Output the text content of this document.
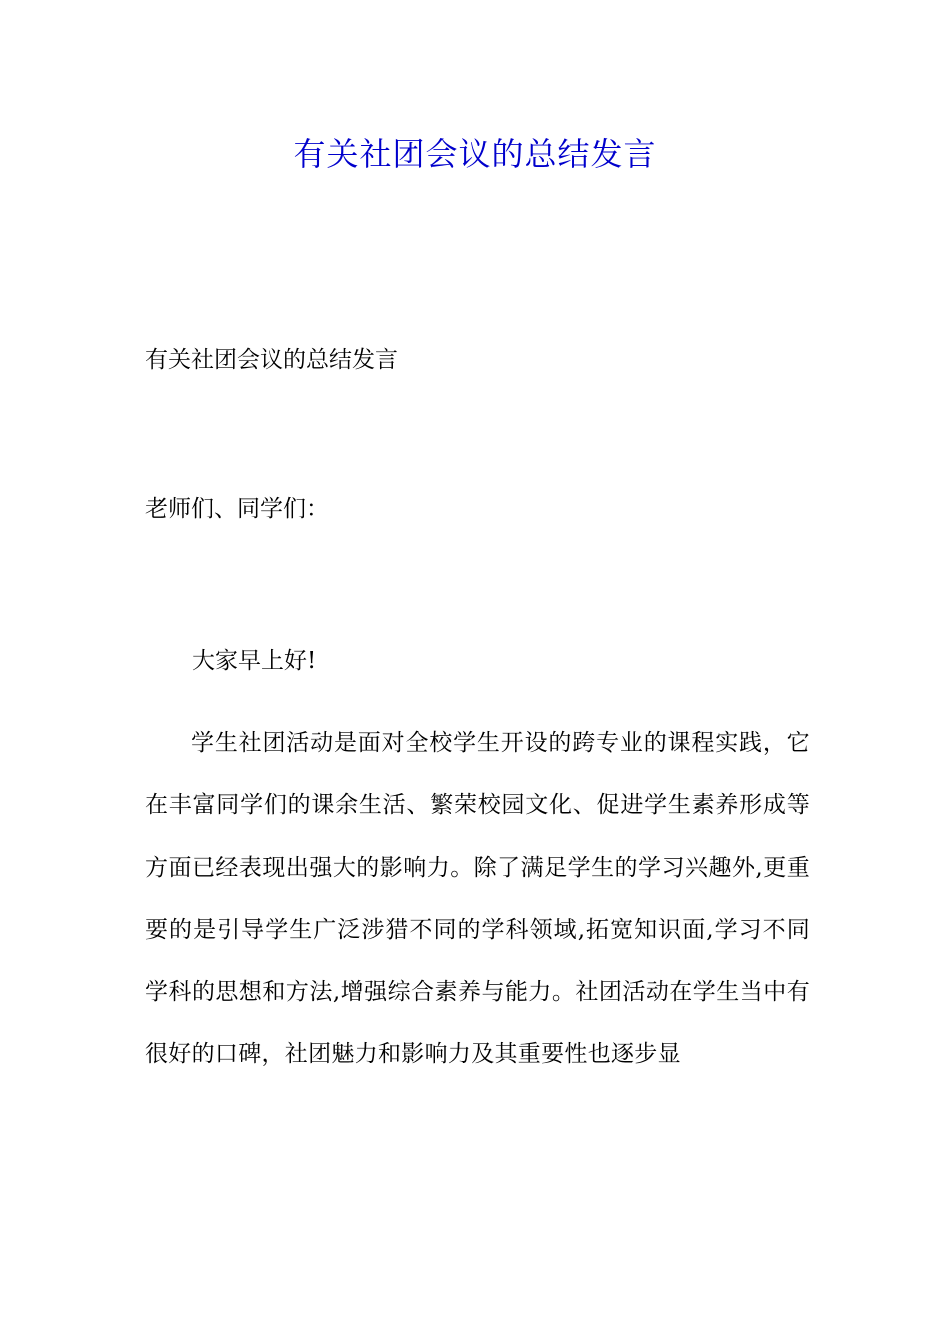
有关社团会议的总结发言

有关社团会议的总结发言

老师们、同学们：

大家早上好!

学生社团活动是面对全校学生开设的跨专业的课程实践，它在丰富同学们的课余生活、繁荣校园文化、促进学生素养形成等方面已经表现出强大的影响力。除了满足学生的学习兴趣外,更重要的是引导学生广泛涉猎不同的学科领域,拓宽知识面,学习不同学科的思想和方法,增强综合素养与能力。社团活动在学生当中有很好的口碑，社团魅力和影响力及其重要性也逐步显
